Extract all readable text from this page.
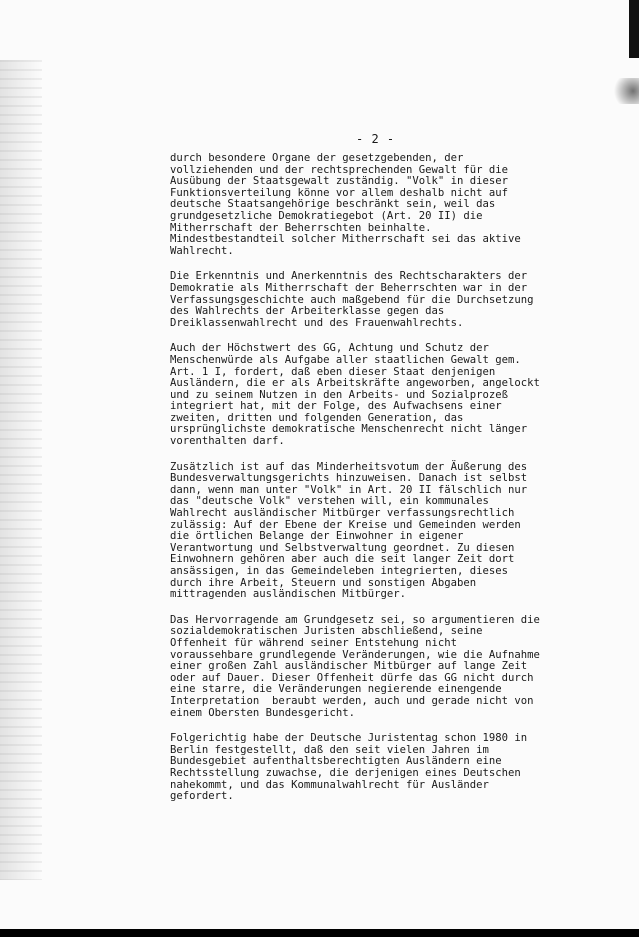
- 2 -

durch besondere Organe der gesetzgebenden, der
vollziehenden und der rechtsprechenden Gewalt für die
Ausübung der Staatsgewalt zuständig. "Volk" in dieser
Funktionsverteilung könne vor allem deshalb nicht auf
deutsche Staatsangehörige beschränkt sein, weil das
grundgesetzliche Demokratiegebot (Art. 20 II) die
Mitherrschaft der Beherrschten beinhalte.
Mindestbestandteil solcher Mitherrschaft sei das aktive
Wahlrecht.

Die Erkenntnis und Anerkenntnis des Rechtscharakters der
Demokratie als Mitherrschaft der Beherrschten war in der
Verfassungsgeschichte auch maßgebend für die Durchsetzung
des Wahlrechts der Arbeiterklasse gegen das
Dreiklassenwahlrecht und des Frauenwahlrechts.

Auch der Höchstwert des GG, Achtung und Schutz der
Menschenwürde als Aufgabe aller staatlichen Gewalt gem.
Art. 1 I, fordert, daß eben dieser Staat denjenigen
Ausländern, die er als Arbeitskräfte angeworben, angelockt
und zu seinem Nutzen in den Arbeits- und Sozialprozeß
integriert hat, mit der Folge, des Aufwachsens einer
zweiten, dritten und folgenden Generation, das
ursprünglichste demokratische Menschenrecht nicht länger
vorenthalten darf.

Zusätzlich ist auf das Minderheitsvotum der Äußerung des
Bundesverwaltungsgerichts hinzuweisen. Danach ist selbst
dann, wenn man unter "Volk" in Art. 20 II fälschlich nur
das "deutsche Volk" verstehen will, ein kommunales
Wahlrecht ausländischer Mitbürger verfassungsrechtlich
zulässig: Auf der Ebene der Kreise und Gemeinden werden
die örtlichen Belange der Einwohner in eigener
Verantwortung und Selbstverwaltung geordnet. Zu diesen
Einwohnern gehören aber auch die seit langer Zeit dort
ansässigen, in das Gemeindeleben integrierten, dieses
durch ihre Arbeit, Steuern und sonstigen Abgaben
mittragenden ausländischen Mitbürger.

Das Hervorragende am Grundgesetz sei, so argumentieren die
sozialdemokratischen Juristen abschließend, seine
Offenheit für während seiner Entstehung nicht
voraussehbare grundlegende Veränderungen, wie die Aufnahme
einer großen Zahl ausländischer Mitbürger auf lange Zeit
oder auf Dauer. Dieser Offenheit dürfe das GG nicht durch
eine starre, die Veränderungen negierende einengende
Interpretation  beraubt werden, auch und gerade nicht von
einem Obersten Bundesgericht.

Folgerichtig habe der Deutsche Juristentag schon 1980 in
Berlin festgestellt, daß den seit vielen Jahren im
Bundesgebiet aufenthaltsberechtigten Ausländern eine
Rechtsstellung zuwachse, die derjenigen eines Deutschen
nahekommt, und das Kommunalwahlrecht für Ausländer
gefordert.
